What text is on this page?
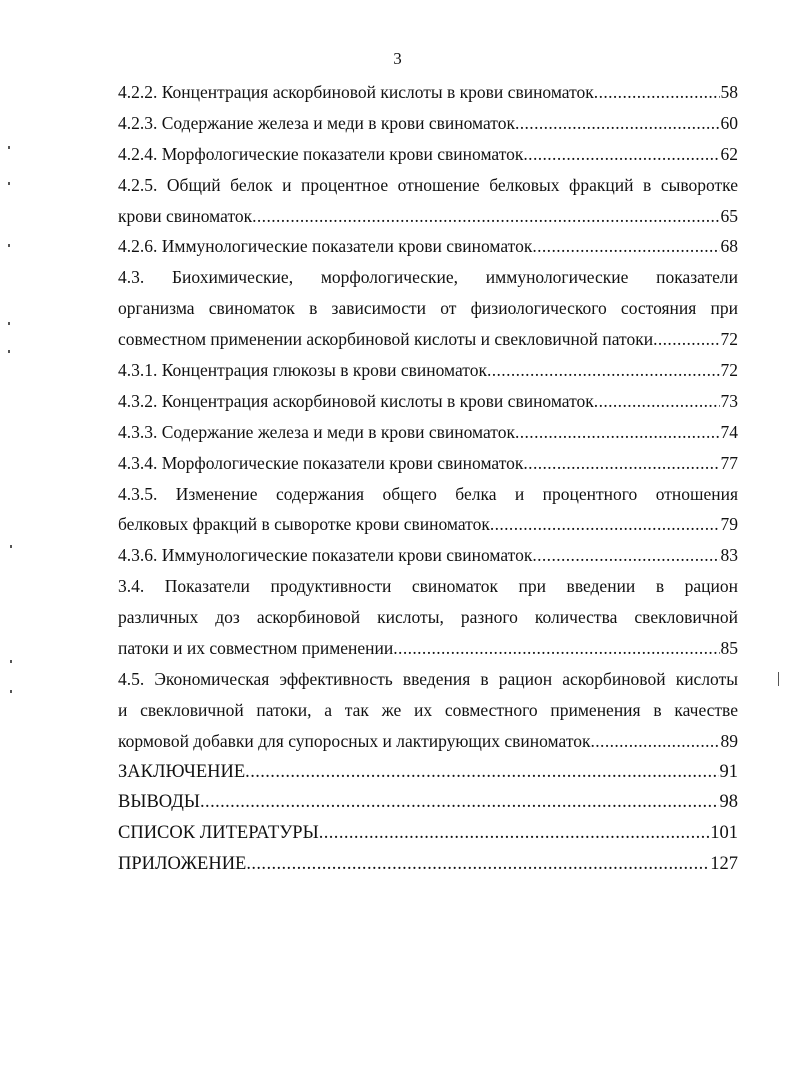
3
4.2.2. Концентрация аскорбиновой кислоты в крови свиноматок .....	58
4.2.3. Содержание железа и меди в крови свиноматок .....	60
4.2.4. Морфологические показатели крови свиноматок .....	62
4.2.5. Общий белок и процентное отношение белковых фракций в сыворотке
крови свиноматок .....	65
4.2.6. Иммунологические показатели крови свиноматок .....	68
4.3. Биохимические, морфологические, иммунологические показатели
организма свиноматок в зависимости от физиологического состояния при
совместном применении аскорбиновой кислоты и свекловичной патоки .....	72
4.3.1. Концентрация глюкозы в крови свиноматок .....	72
4.3.2. Концентрация аскорбиновой кислоты в крови свиноматок .....	73
4.3.3. Содержание железа и меди в крови свиноматок .....	74
4.3.4. Морфологические показатели крови свиноматок .....	77
4.3.5. Изменение содержания общего белка и процентного отношения
белковых фракций в сыворотке крови свиноматок .....	79
4.3.6. Иммунологические показатели крови свиноматок .....	83
3.4. Показатели продуктивности свиноматок при введении в рацион
различных доз аскорбиновой кислоты, разного количества свекловичной
патоки и их совместном применении .....	85
4.5. Экономическая эффективность введения в рацион аскорбиновой кислоты
и свекловичной патоки, а так же их совместного применения в качестве
кормовой добавки для супоросных и лактирующих свиноматок .....	89
ЗАКЛЮЧЕНИЕ .....	91
ВЫВОДЫ .....	98
СПИСОК ЛИТЕРАТУРЫ .....	101
ПРИЛОЖЕНИЕ .....	127
